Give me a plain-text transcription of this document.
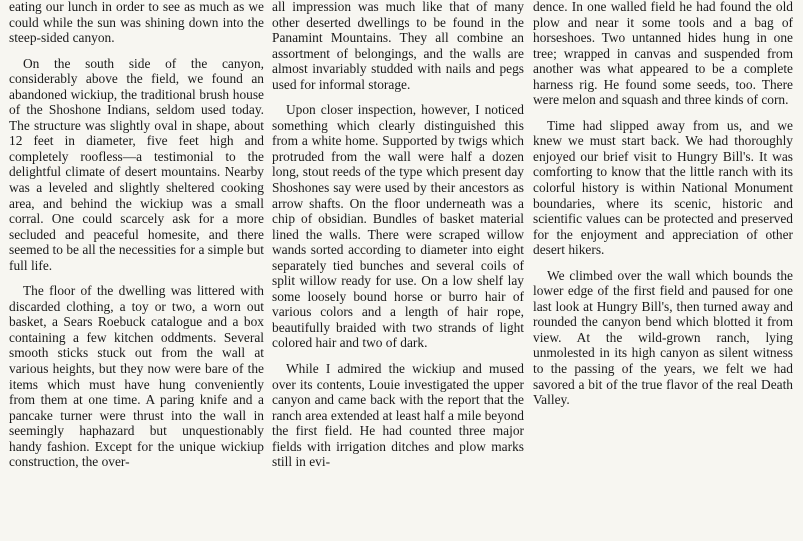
eating our lunch in order to see as much as we could while the sun was shining down into the steep-sided canyon.

On the south side of the canyon, considerably above the field, we found an abandoned wickiup, the traditional brush house of the Shoshone Indians, seldom used today. The structure was slightly oval in shape, about 12 feet in diameter, five feet high and completely roofless—a testimonial to the delightful climate of desert mountains. Nearby was a leveled and slightly sheltered cooking area, and behind the wickiup was a small corral. One could scarcely ask for a more secluded and peaceful homesite, and there seemed to be all the necessities for a simple but full life.

The floor of the dwelling was littered with discarded clothing, a toy or two, a worn out basket, a Sears Roebuck catalogue and a box containing a few kitchen oddments. Several smooth sticks stuck out from the wall at various heights, but they now were bare of the items which must have hung conveniently from them at one time. A paring knife and a pancake turner were thrust into the wall in seemingly haphazard but unquestionably handy fashion. Except for the unique wickiup construction, the over-

all impression was much like that of many other deserted dwellings to be found in the Panamint Mountains. They all combine an assortment of belongings, and the walls are almost invariably studded with nails and pegs used for informal storage.

Upon closer inspection, however, I noticed something which clearly distinguished this from a white home. Supported by twigs which protruded from the wall were half a dozen long, stout reeds of the type which present day Shoshones say were used by their ancestors as arrow shafts. On the floor underneath was a chip of obsidian. Bundles of basket material lined the walls. There were scraped willow wands sorted according to diameter into eight separately tied bunches and several coils of split willow ready for use. On a low shelf lay some loosely bound horse or burro hair of various colors and a length of hair rope, beautifully braided with two strands of light colored hair and two of dark.

While I admired the wickiup and mused over its contents, Louie investigated the upper canyon and came back with the report that the ranch area extended at least half a mile beyond the first field. He had counted three major fields with irrigation ditches and plow marks still in evi-

dence. In one walled field he had found the old plow and near it some tools and a bag of horseshoes. Two untanned hides hung in one tree; wrapped in canvas and suspended from another was what appeared to be a complete harness rig. He found some seeds, too. There were melon and squash and three kinds of corn.

Time had slipped away from us, and we knew we must start back. We had thoroughly enjoyed our brief visit to Hungry Bill's. It was comforting to know that the little ranch with its colorful history is within National Monument boundaries, where its scenic, historic and scientific values can be protected and preserved for the enjoyment and appreciation of other desert hikers.

We climbed over the wall which bounds the lower edge of the first field and paused for one last look at Hungry Bill's, then turned away and rounded the canyon bend which blotted it from view. At the wild-grown ranch, lying unmolested in its high canyon as silent witness to the passing of the years, we felt we had savored a bit of the true flavor of the real Death Valley.
